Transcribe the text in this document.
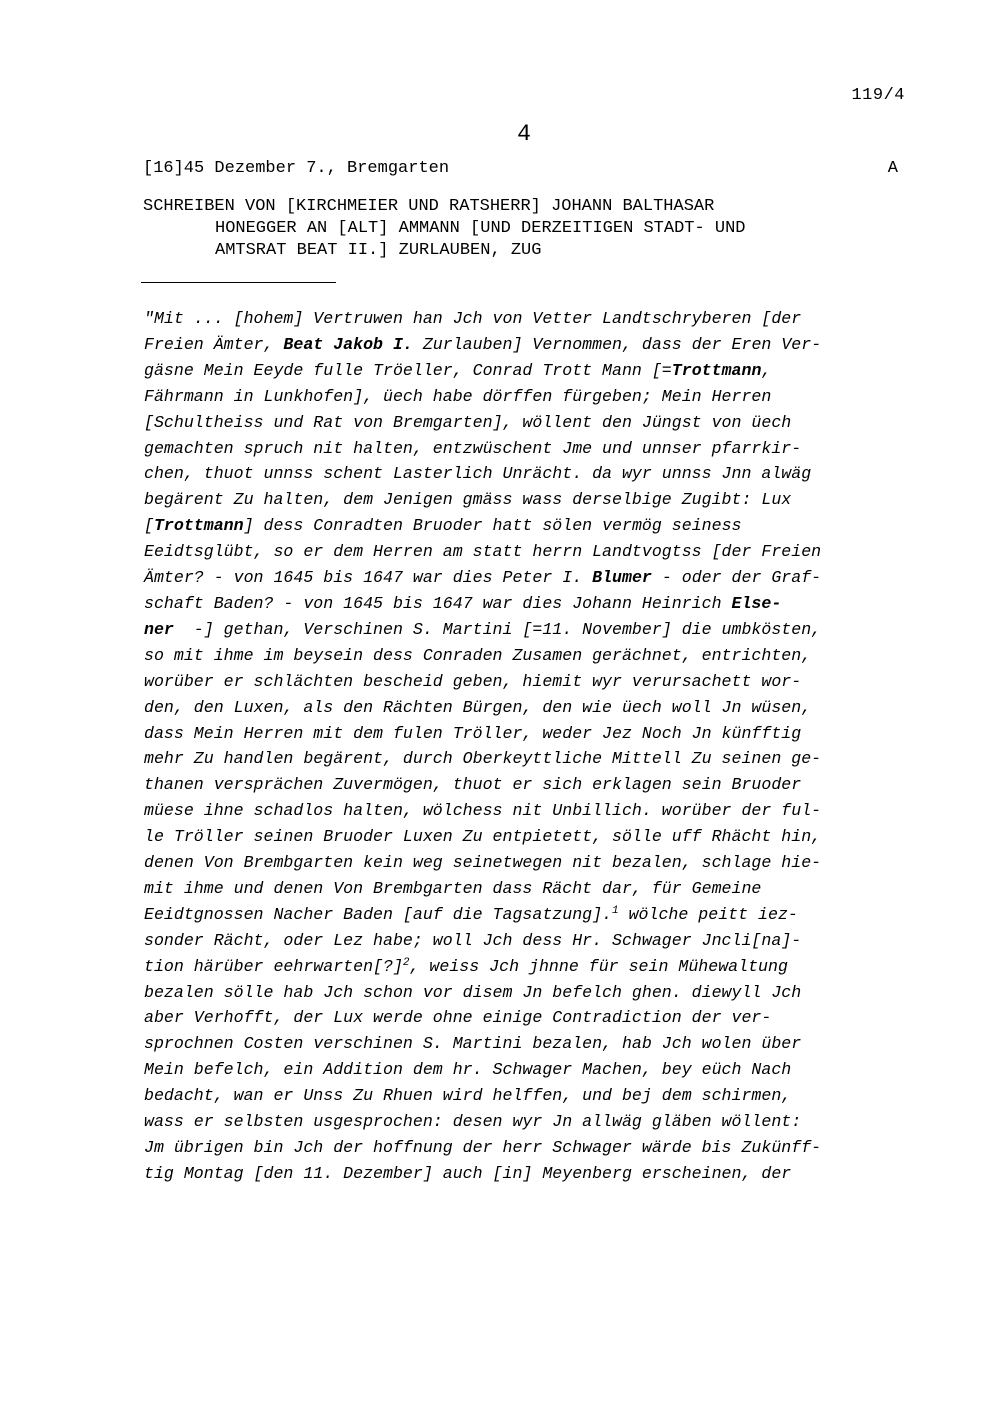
119/4
4
[16]45 Dezember 7., Bremgarten	A
SCHREIBEN VON [KIRCHMEIER UND RATSHERR] JOHANN BALTHASAR

HONEGGER AN [ALT] AMMANN [UND DERZEITIGEN STADT- UND
AMTSRAT BEAT II.] ZURLAUBEN, ZUG
"Mit ... [hohem] Vertruwen han Jch von Vetter Landtschryberen [der
Freien Ämter, Beat Jakob I. Zurlauben] Vernommen, dass der Eren Ver-
gäsne Mein Eeyde fulle Tröeller, Conrad Trott Mann [=Trottmann,
Fährmann in Lunkhofen], üech habe dörffen fürgeben; Mein Herren
[Schultheiss und Rat von Bremgarten], wöllent den Jüngst von üech
gemachten spruch nit halten, entzwüschent Jme und unnser pfarrkir-
chen, thuot unnss schent Lasterlich Unrächt. da wyr unnss Jnn alwäg
begärent Zu halten, dem Jenigen gmäss wass derselbige Zugibt: Lux
[Trottmann] dess Conradten Bruoder hatt sölen vermög seiness
Eeidtsglübt, so er dem Herren am statt herrn Landtvogtss [der Freien
Ämter? - von 1645 bis 1647 war dies Peter I. Blumer - oder der Graf-
schaft Baden? - von 1645 bis 1647 war dies Johann Heinrich Else-
ner  -] gethan, Verschinen S. Martini [=11. November] die umbkösten,
so mit ihme im beysein dess Conraden Zusamen gerächnet, entrichten,
worüber er schlächten bescheid geben, hiemit wyr verursachett wor-
den, den Luxen, als den Rächten Bürgen, den wie üech woll Jn wüsen,
dass Mein Herren mit dem fulen Tröller, weder Jez Noch Jn künfftig
mehr Zu handlen begärent, durch Oberkeyttliche Mittell Zu seinen ge-
thanen versprächen Zuvermögen, thuot er sich erklagen sein Bruoder
müese ihne schadlos halten, wölchess nit Unbillich. worüber der ful-
le Tröller seinen Bruoder Luxen Zu entpietett, sölle uff Rhächt hin,
denen Von Brembgarten kein weg seinetwegen nit bezalen, schlage hie-
mit ihme und denen Von Brembgarten dass Rächt dar, für Gemeine
Eeidtgnossen Nacher Baden [auf die Tagsatzung].$^1$ wölche peitt iez-
sonder Rächt, oder Lez habe; woll Jch dess Hr. Schwager Jncli[na]-
tion härüber eehrwarten[?]$^2$, weiss Jch jhnne für sein Mühewaltung
bezalen sölle hab Jch schon vor disem Jn befelch ghen. diewyll Jch
aber Verhofft, der Lux werde ohne einige Contradiction der ver-
sprochnen Costen verschinen S. Martini bezalen, hab Jch wolen über
Mein befelch, ein Addition dem hr. Schwager Machen, bey eüch Nach
bedacht, wan er Unss Zu Rhuen wird helffen, und bej dem schirmen,
wass er selbsten usgesprochen: desen wyr Jn allwäg gläben wöllent:
Jm übrigen bin Jch der hoffnung der herr Schwager wärde bis Zukünff-
tig Montag [den 11. Dezember] auch [in] Meyenberg erscheinen, der
